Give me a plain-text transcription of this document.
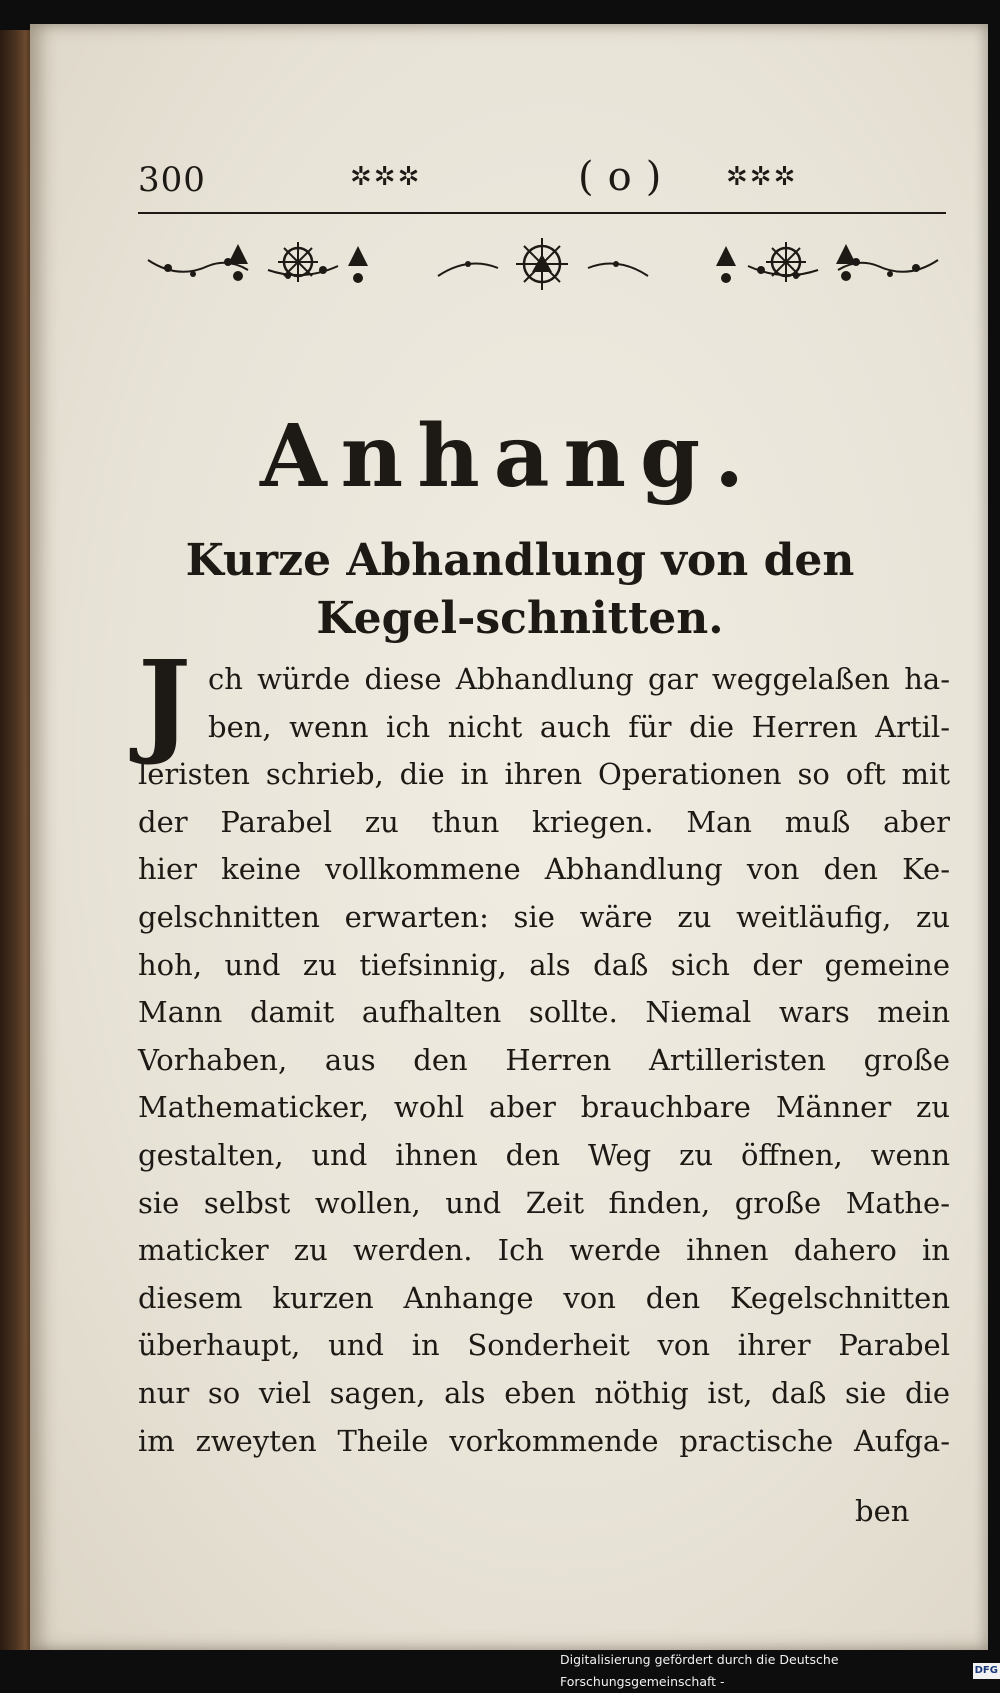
300	✲✲✲	(o) ✲✲✲
Anhang.
Kurze Abhandlung von den Kegel-schnitten.
J ch würde diese Abhandlung gar weggelaßen ha-
ben, wenn ich nicht auch für die Herren Artil-
leristen schrieb, die in ihren Operationen so oft mit
der Parabel zu thun kriegen. Man muß aber
hier keine vollkommene Abhandlung von den Ke-
gelschnitten erwarten: sie wäre zu weitläufig, zu
hoh, und zu tiefsinnig, als daß sich der gemeine
Mann damit aufhalten sollte. Niemal wars mein
Vorhaben, aus den Herren Artilleristen große
Mathematicker, wohl aber brauchbare Männer zu
gestalten, und ihnen den Weg zu öffnen, wenn
sie selbst wollen, und Zeit finden, große Mathe-
maticker zu werden. Ich werde ihnen dahero in
diesem kurzen Anhange von den Kegelschnitten
überhaupt, und in Sonderheit von ihrer Parabel
nur so viel sagen, als eben nöthig ist, daß sie die
im zweyten Theile vorkommende practische Aufga-
ben
Digitalisierung gefördert durch die Deutsche Forschungsgemeinschaft -
DFG
